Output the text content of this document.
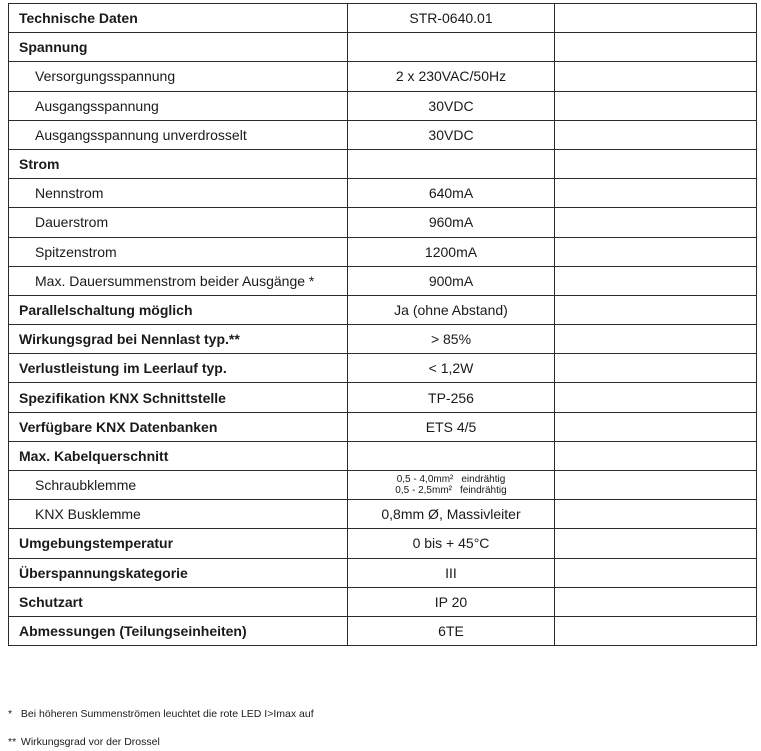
Technische Daten	STR-0640.01	
Spannung		
Versorgungsspannung	2 x 230VAC/50Hz	
Ausgangsspannung	30VDC	
Ausgangsspannung unverdrosselt	30VDC	
Strom		
Nennstrom	640mA	
Dauerstrom	960mA	
Spitzenstrom	1200mA	
Max. Dauersummenstrom beider Ausgänge *	900mA	
Parallelschaltung möglich	Ja (ohne Abstand)	
Wirkungsgrad bei Nennlast typ.**	> 85%	
Verlustleistung im Leerlauf typ.	< 1,2W	
Spezifikation KNX Schnittstelle	TP-256	
Verfügbare KNX Datenbanken	ETS 4/5	
Max. Kabelquerschnitt		
Schraubklemme	0,5 - 4,0mm² eindrähtig
0,5 - 2,5mm² feindrähtig	

KNX Busklemme	0,8mm Ø, Massivleiter	
Umgebungstemperatur	0 bis + 45°C	
Überspannungskategorie	III	
Schutzart	IP 20	
Abmessungen (Teilungseinheiten)	6TE	
* Bei höheren Summenströmen leuchtet die rote LED I>Imax auf
** Wirkungsgrad vor der Drossel
